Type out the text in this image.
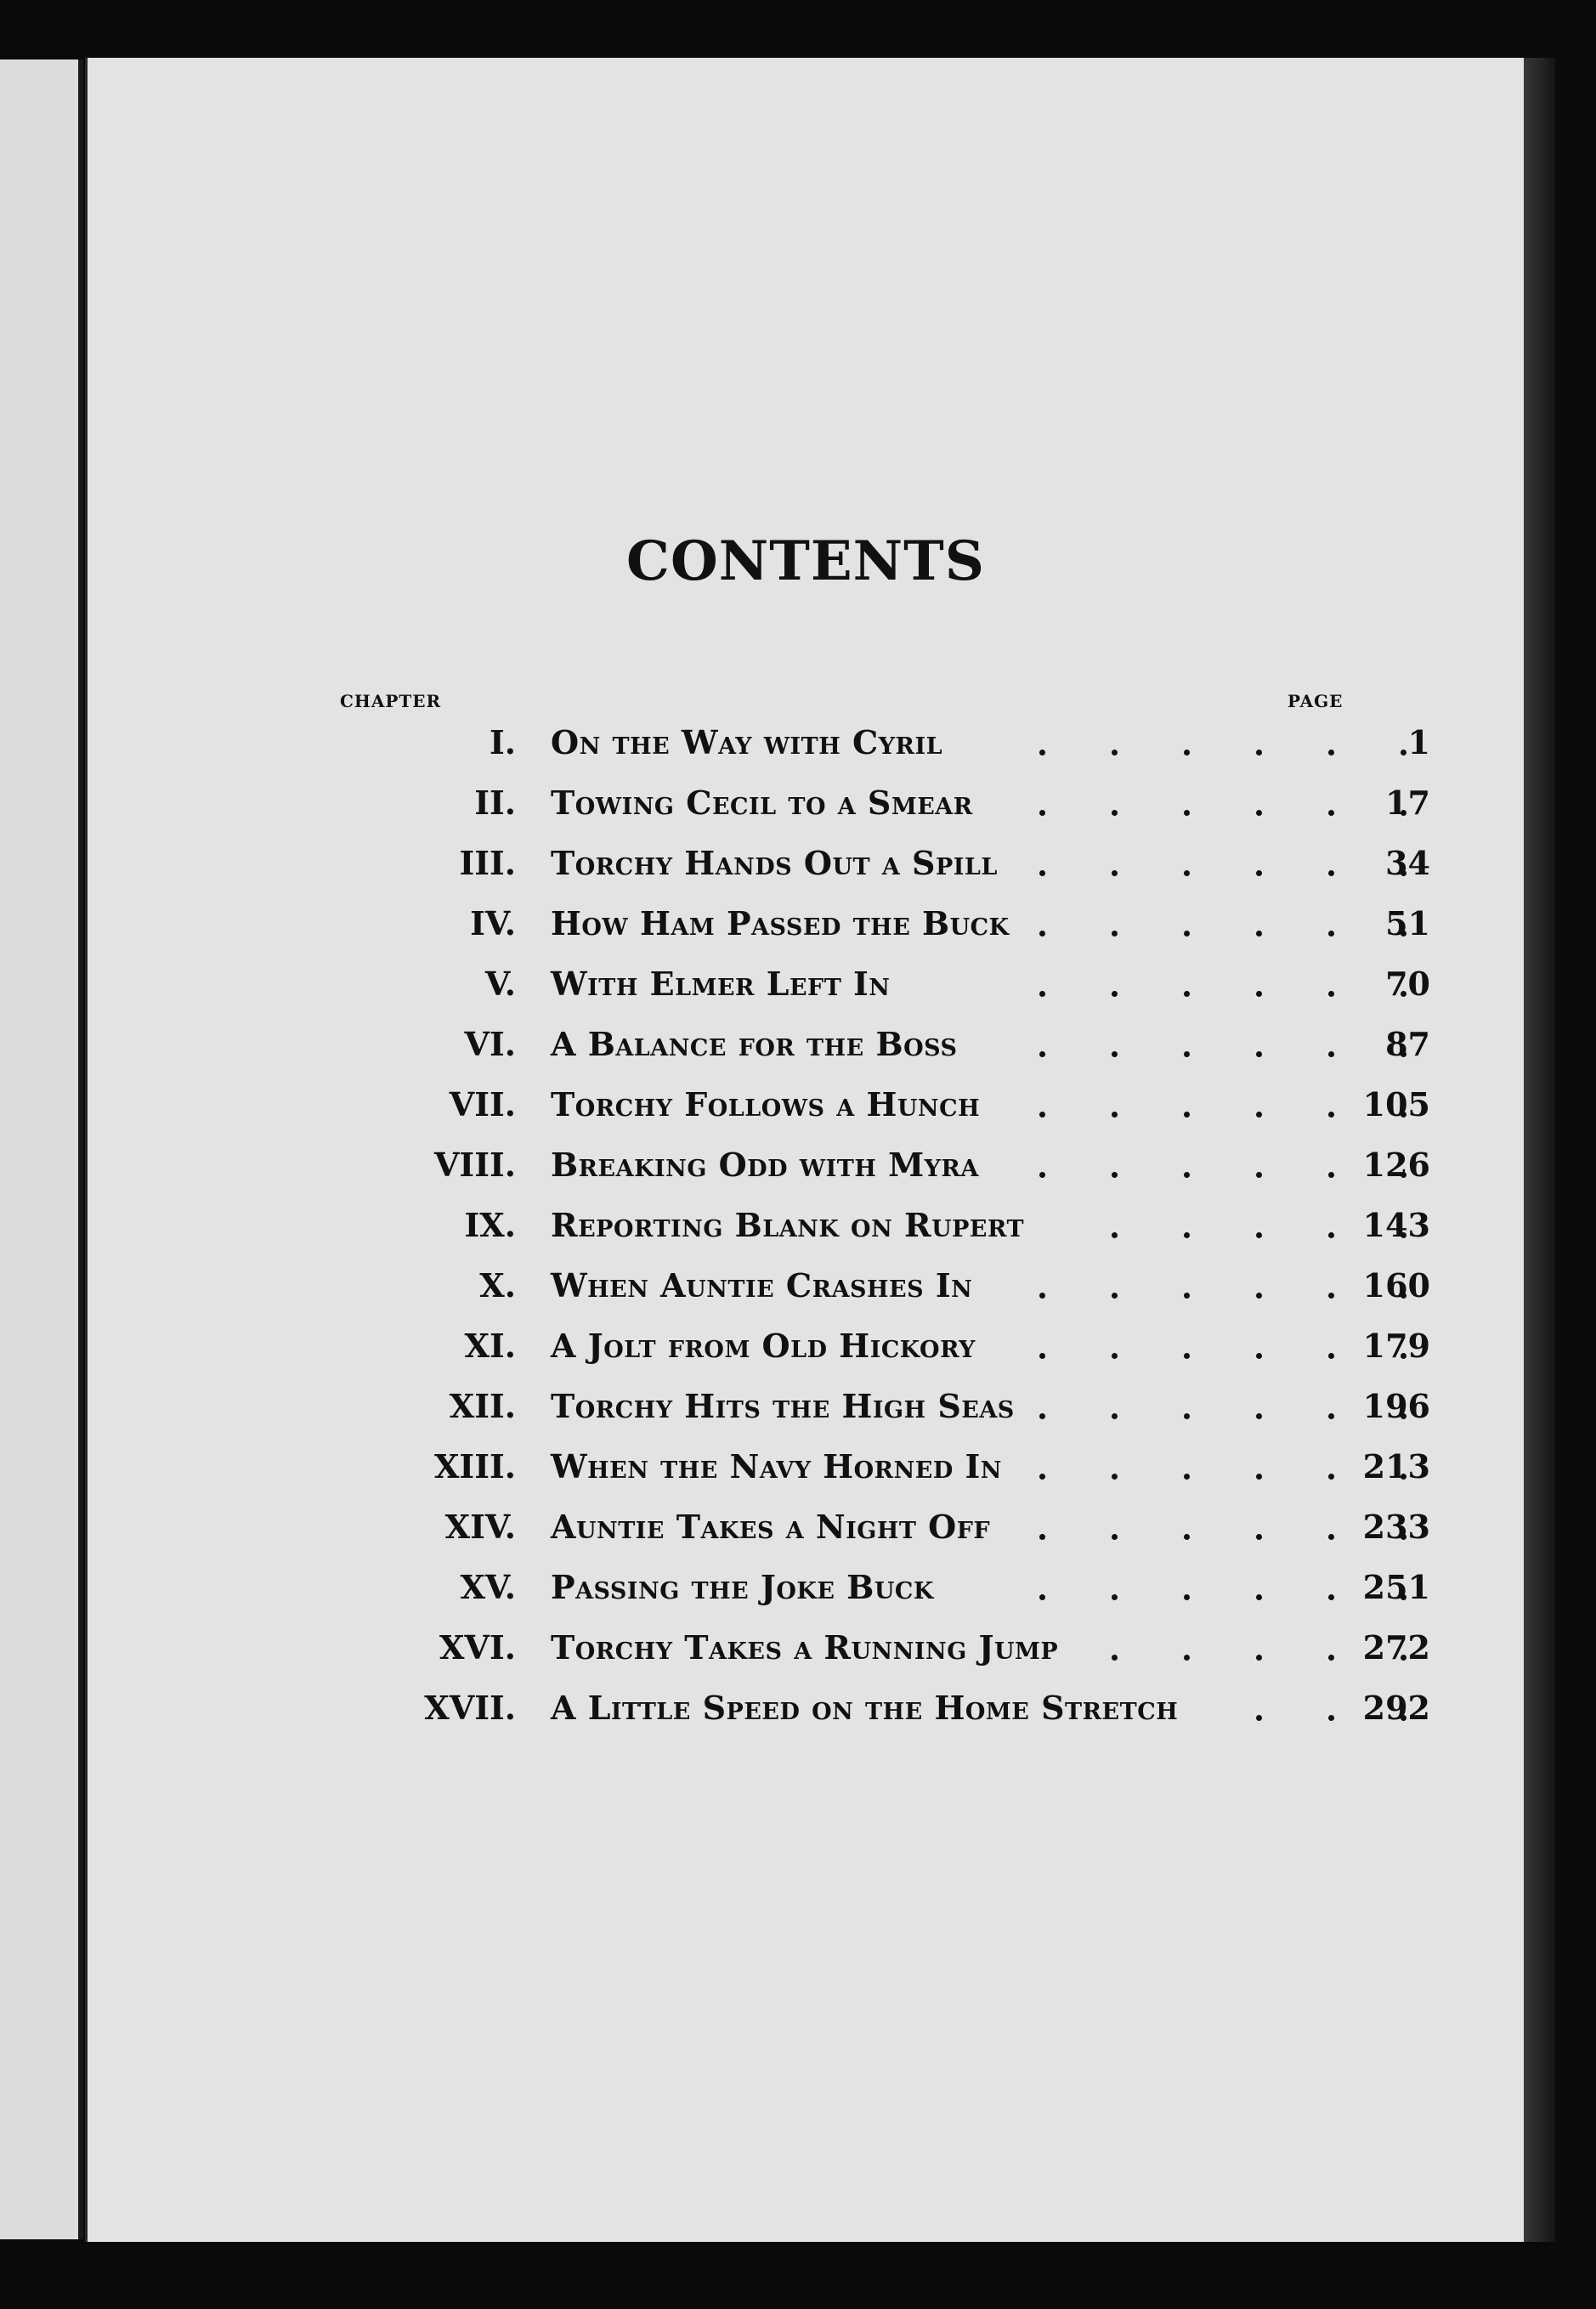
CONTENTS
CHAPTER	PAGE
I. On the Way with Cyril	1
II. Towing Cecil to a Smear	17
III. Torchy Hands Out a Spill	34
IV. How Ham Passed the Buck	51
V. With Elmer Left In	70
VI. A Balance for the Boss	87
VII. Torchy Follows a Hunch	105
VIII. Breaking Odd with Myra	126
IX. Reporting Blank on Rupert	143
X. When Auntie Crashes In	160
XI. A Jolt from Old Hickory	179
XII. Torchy Hits the High Seas	196
XIII. When the Navy Horned In	213
XIV. Auntie Takes a Night Off	233
XV. Passing the Joke Buck	251
XVI. Torchy Takes a Running Jump	272
XVII. A Little Speed on the Home Stretch	292
